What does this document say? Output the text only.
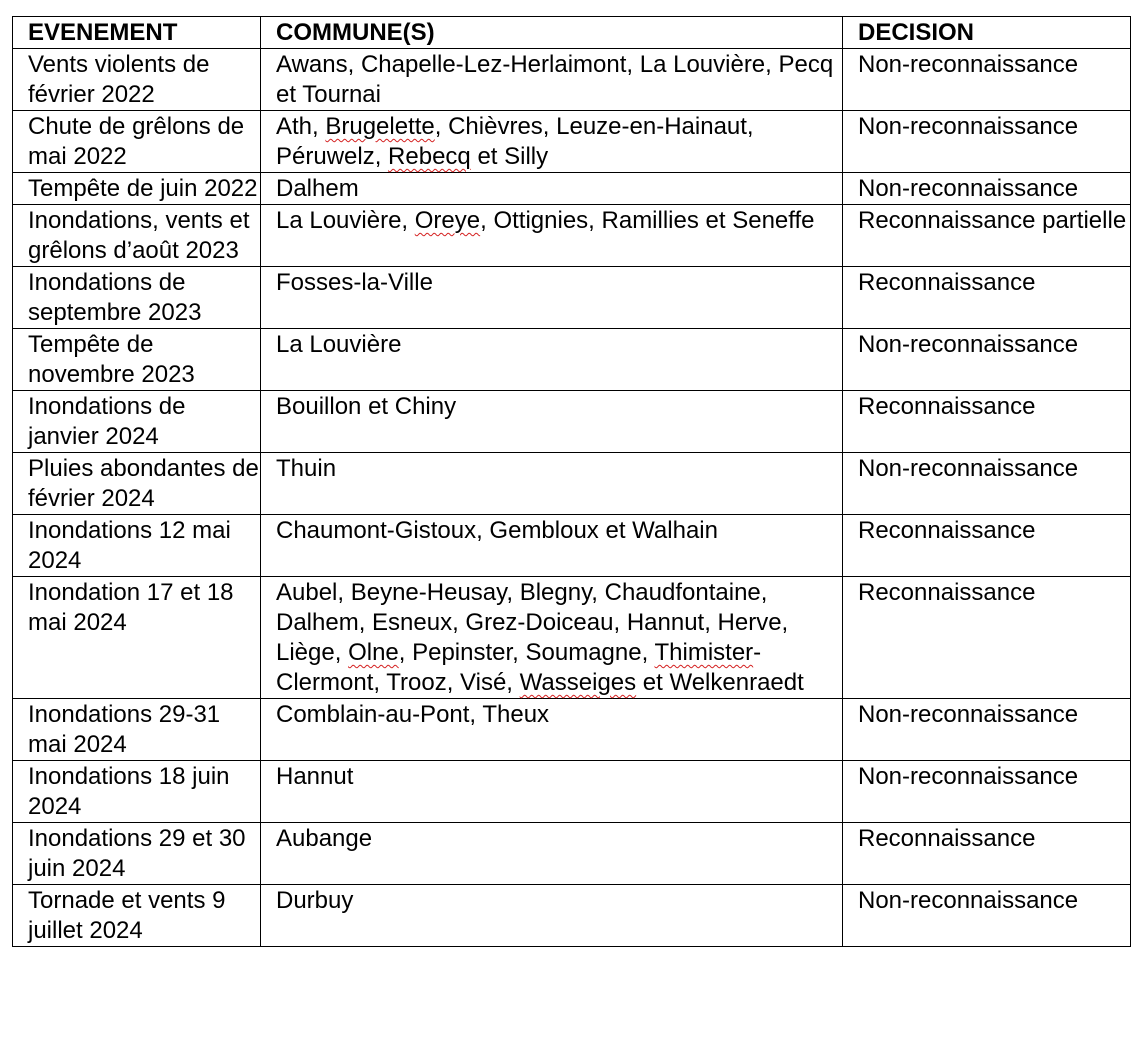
EVENEMENT	COMMUNE(S)	DECISION
Vents violents de février 2022	Awans, Chapelle-Lez-Herlaimont, La Louvière, Pecq et Tournai	Non-reconnaissance
Chute de grêlons de mai 2022	Ath, Brugelette, Chièvres, Leuze-en-Hainaut, Péruwelz, Rebecq et Silly	Non-reconnaissance
Tempête de juin 2022	Dalhem	Non-reconnaissance
Inondations, vents et grêlons d’août 2023	La Louvière, Oreye, Ottignies, Ramillies et Seneffe	Reconnaissance partielle
Inondations de septembre 2023	Fosses-la-Ville	Reconnaissance
Tempête de novembre 2023	La Louvière	Non-reconnaissance
Inondations de janvier 2024	Bouillon et Chiny	Reconnaissance
Pluies abondantes de février 2024	Thuin	Non-reconnaissance
Inondations 12 mai 2024	Chaumont-Gistoux, Gembloux et Walhain	Reconnaissance
Inondation 17 et 18 mai 2024	Aubel, Beyne-Heusay, Blegny, Chaudfontaine, Dalhem, Esneux, Grez-Doiceau, Hannut, Herve, Liège, Olne, Pepinster, Soumagne, Thimister-Clermont, Trooz, Visé, Wasseiges et Welkenraedt	Reconnaissance
Inondations 29-31 mai 2024	Comblain-au-Pont, Theux	Non-reconnaissance
Inondations 18 juin 2024	Hannut	Non-reconnaissance
Inondations 29 et 30 juin 2024	Aubange	Reconnaissance
Tornade et vents 9 juillet 2024	Durbuy	Non-reconnaissance
